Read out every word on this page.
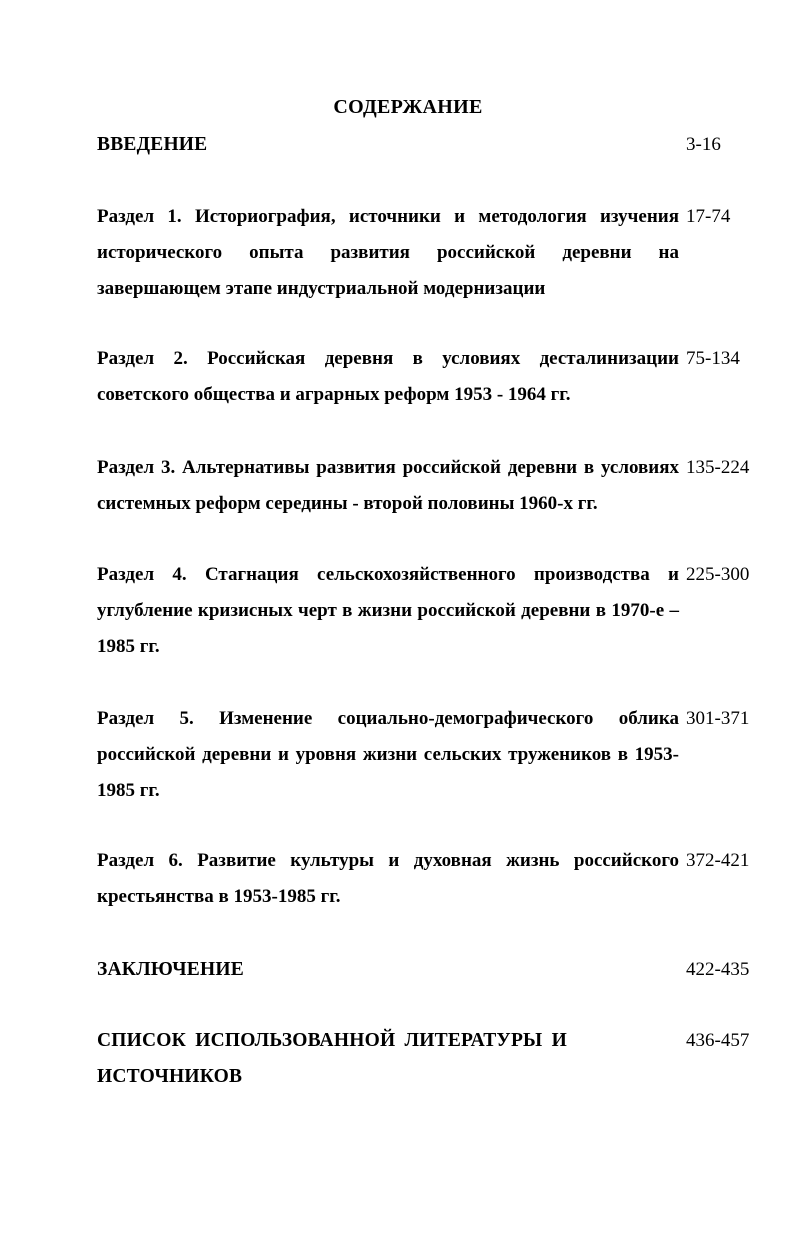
СОДЕРЖАНИЕ
ВВЕДЕНИЕ	3-16
Раздел 1. Историография, источники и методология изучения исторического опыта развития российской деревни на завершающем этапе индустриальной модернизации
17-74
Раздел 2. Российская деревня в условиях десталинизации советского общества и аграрных реформ 1953 - 1964 гг.
75-134
Раздел 3. Альтернативы развития российской деревни в условиях системных реформ середины - второй половины 1960-х гг.
135-224
Раздел 4. Стагнация сельскохозяйственного производства и углубление кризисных черт в жизни российской деревни в 1970-е – 1985 гг.
225-300
Раздел 5. Изменение социально-демографического облика российской деревни и уровня жизни сельских тружеников в 1953-1985 гг.
301-371
Раздел 6. Развитие культуры и духовная жизнь российского крестьянства в 1953-1985 гг.
372-421
ЗАКЛЮЧЕНИЕ	422-435
СПИСОК ИСПОЛЬЗОВАННОЙ ЛИТЕРАТУРЫ И ИСТОЧНИКОВ
436-457
